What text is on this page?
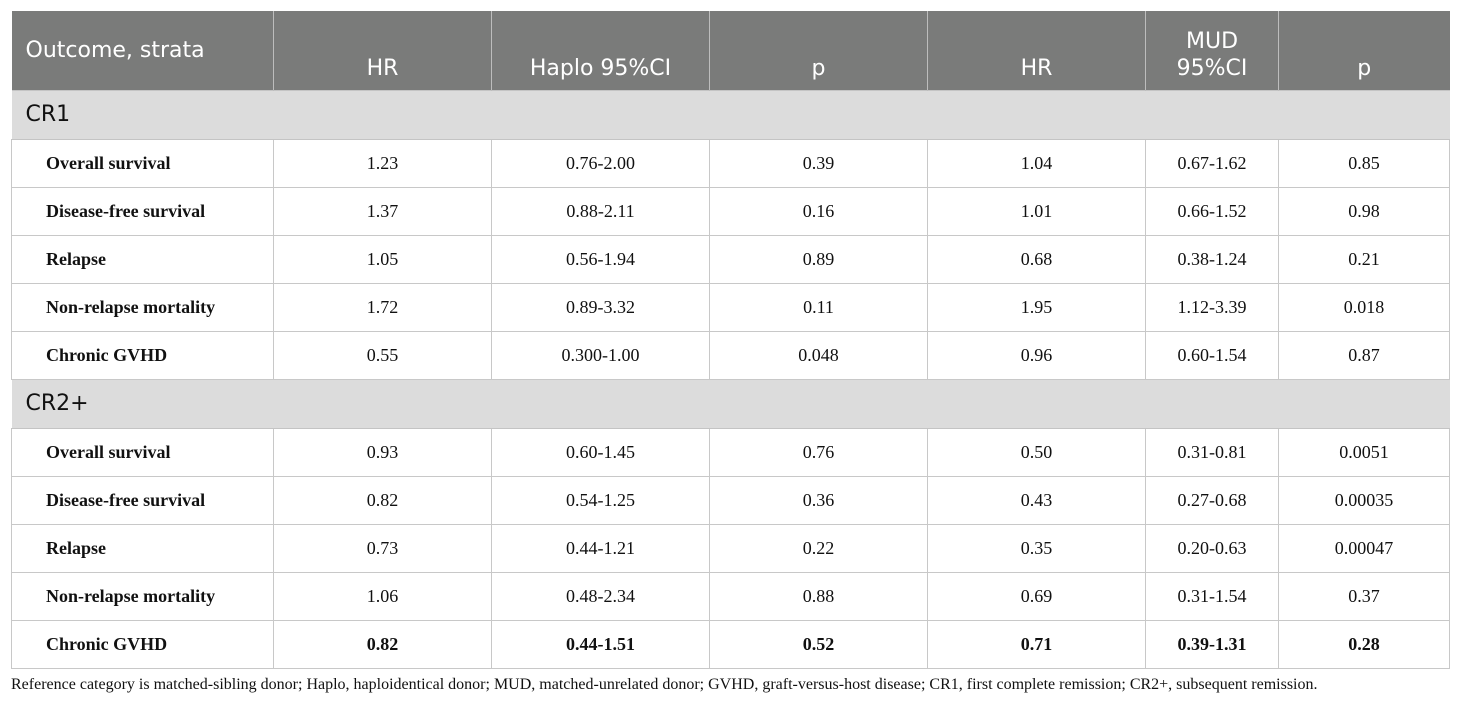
Outcome, strata	HR	Haplo 95%CI	p	HR	MUD 95%CI	p
CR1						
Overall survival	1.23	0.76-2.00	0.39	1.04	0.67-1.62	0.85
Disease-free survival	1.37	0.88-2.11	0.16	1.01	0.66-1.52	0.98
Relapse	1.05	0.56-1.94	0.89	0.68	0.38-1.24	0.21
Non-relapse mortality	1.72	0.89-3.32	0.11	1.95	1.12-3.39	0.018
Chronic GVHD	0.55	0.300-1.00	0.048	0.96	0.60-1.54	0.87
CR2+						
Overall survival	0.93	0.60-1.45	0.76	0.50	0.31-0.81	0.0051
Disease-free survival	0.82	0.54-1.25	0.36	0.43	0.27-0.68	0.00035
Relapse	0.73	0.44-1.21	0.22	0.35	0.20-0.63	0.00047
Non-relapse mortality	1.06	0.48-2.34	0.88	0.69	0.31-1.54	0.37
Chronic GVHD	0.82	0.44-1.51	0.52	0.71	0.39-1.31	0.28
Reference category is matched-sibling donor; Haplo, haploidentical donor; MUD, matched-unrelated donor; GVHD, graft-versus-host disease; CR1, first complete remission; CR2+, subsequent remission.
